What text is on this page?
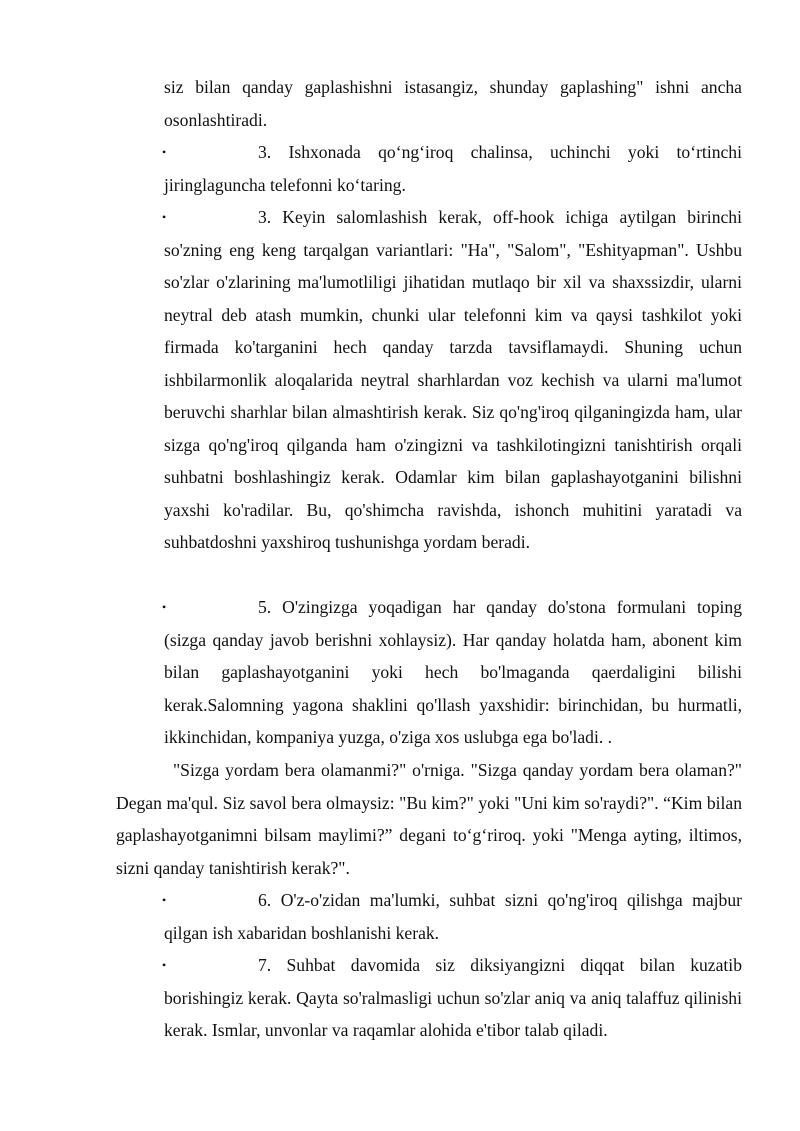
siz bilan qanday gaplashishni istasangiz, shunday gaplashing" ishni ancha osonlashtiradi.

•	3. Ishxonada qo‘ng‘iroq chalinsa, uchinchi yoki to‘rtinchi jiringlaguncha telefonni ko‘taring.

•	3. Keyin salomlashish kerak, off-hook ichiga aytilgan birinchi so'zning eng keng tarqalgan variantlari: "Ha", "Salom", "Eshityapman". Ushbu so'zlar o'zlarining ma'lumotliligi jihatidan mutlaqo bir xil va shaxssizdir, ularni neytral deb atash mumkin, chunki ular telefonni kim va qaysi tashkilot yoki firmada ko'targanini hech qanday tarzda tavsiflamaydi. Shuning uchun ishbilarmonlik aloqalarida neytral sharhlardan voz kechish va ularni ma'lumot beruvchi sharhlar bilan almashtirish kerak. Siz qo'ng'iroq qilganingizda ham, ular sizga qo'ng'iroq qilganda ham o'zingizni va tashkilotingizni tanishtirish orqali suhbatni boshlashingiz kerak. Odamlar kim bilan gaplashayotganini bilishni yaxshi ko'radilar. Bu, qo'shimcha ravishda, ishonch muhitini yaratadi va suhbatdoshni yaxshiroq tushunishga yordam beradi.

•	5. O'zingizga yoqadigan har qanday do'stona formulani toping (sizga qanday javob berishni xohlaysiz). Har qanday holatda ham, abonent kim bilan gaplashayotganini yoki hech bo'lmaganda qaerdaligini bilishi kerak.Salomning yagona shaklini qo'llash yaxshidir: birinchidan, bu hurmatli, ikkinchidan, kompaniya yuzga, o'ziga xos uslubga ega bo'ladi. .

"Sizga yordam bera olamanmi?" o'rniga. "Sizga qanday yordam bera olaman?" Degan ma'qul. Siz savol bera olmaysiz: "Bu kim?" yoki "Uni kim so'raydi?". “Kim bilan gaplashayotganimni bilsam maylimi?” degani to‘g‘riroq. yoki "Menga ayting, iltimos, sizni qanday tanishtirish kerak?".

•	6. O'z-o'zidan ma'lumki, suhbat sizni qo'ng'iroq qilishga majbur qilgan ish xabaridan boshlanishi kerak.

•	7. Suhbat davomida siz diksiyangizni diqqat bilan kuzatib borishingiz kerak. Qayta so'ralmasligi uchun so'zlar aniq va aniq talaffuz qilinishi kerak. Ismlar, unvonlar va raqamlar alohida e'tibor talab qiladi.
